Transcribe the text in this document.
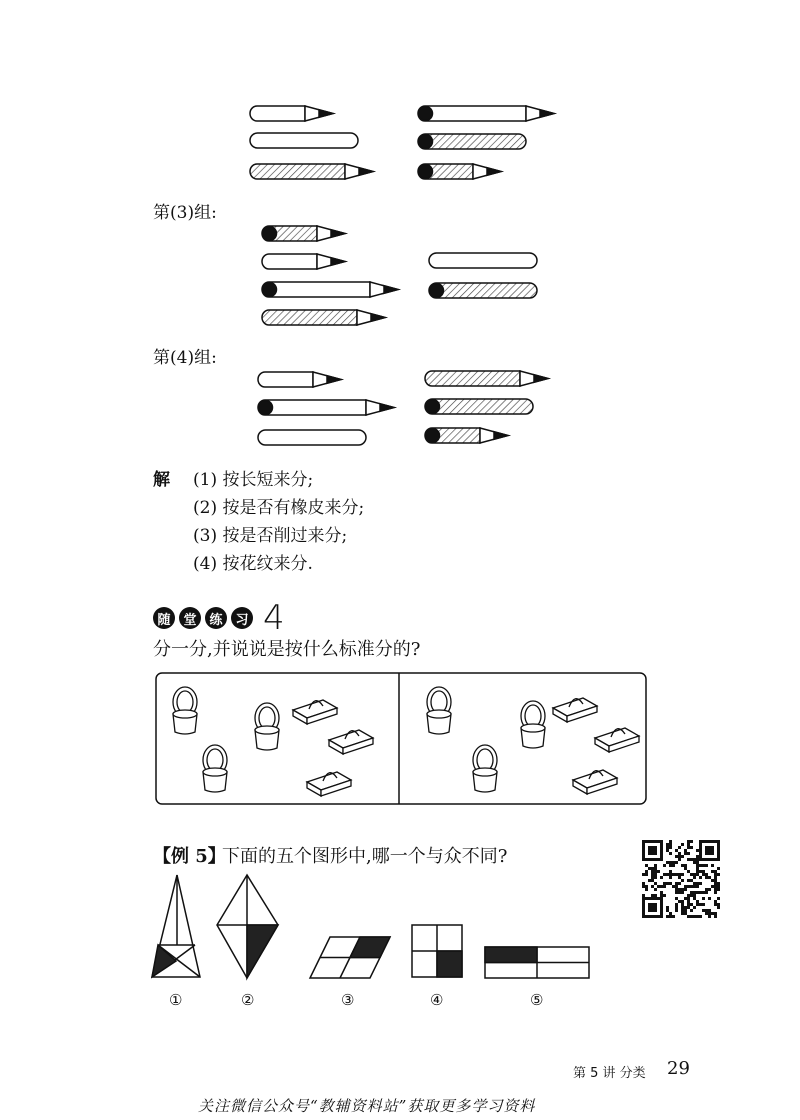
第(3)组:
第(4)组:
解 (1) 按长短来分;
(2) 按是否有橡皮来分;
(3) 按是否削过来分;
(4) 按花纹来分.
随 堂 练 习 4
分一分,并说说是按什么标准分的?
【例 5】
下面的五个图形中,哪一个与众不同?
①	②	③	④	⑤
第 5 讲 分类 29
关注微信公众号“教辅资料站”获取更多学习资料
